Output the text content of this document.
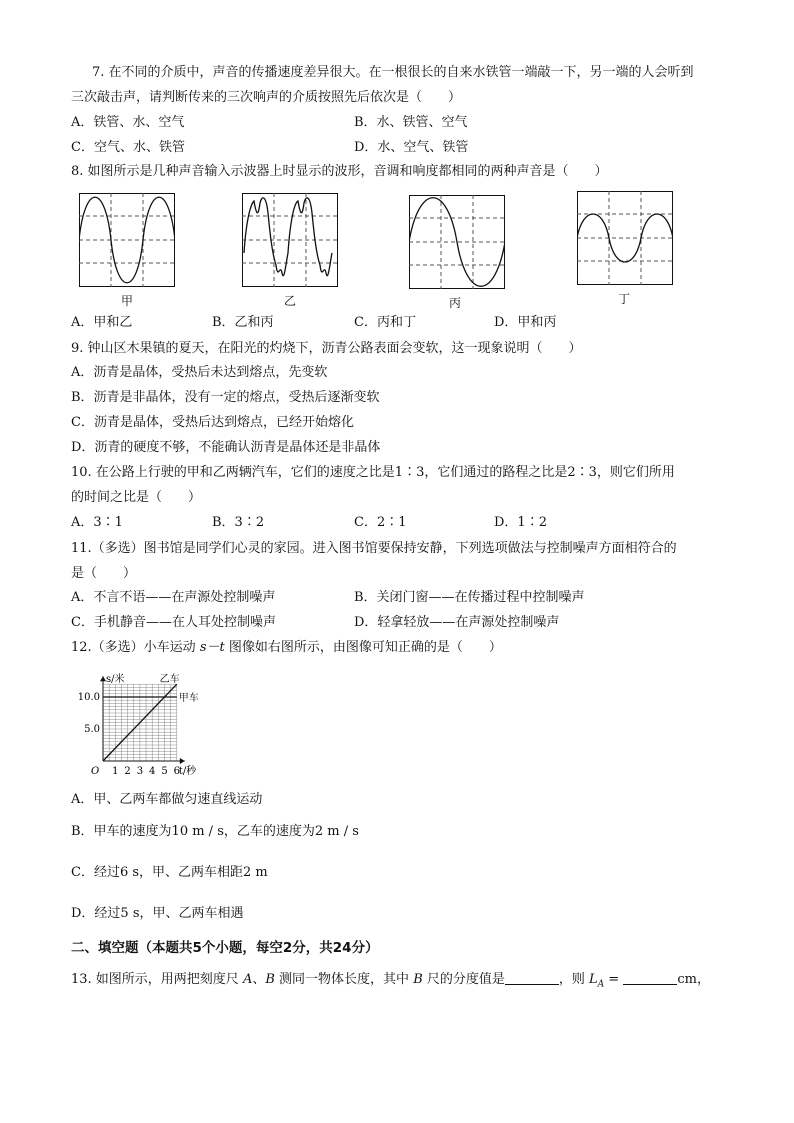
7. 在不同的介质中，声音的传播速度差异很大。在一根很长的自来水铁管一端敲一下，另一端的人会听到
三次敲击声，请判断传来的三次响声的介质按照先后依次是（　　）
A．铁管、水、空气	B．水、铁管、空气
C．空气、水、铁管	D．水、空气、铁管
8. 如图所示是几种声音输入示波器上时显示的波形，音调和响度都相同的两种声音是（　　）
甲	乙	丙	丁
A．甲和乙	B．乙和丙	C．丙和丁	D．甲和丙
9. 钟山区木果镇的夏天，在阳光的灼烧下，沥青公路表面会变软，这一现象说明（　　）
A．沥青是晶体，受热后未达到熔点，先变软
B．沥青是非晶体，没有一定的熔点，受热后逐渐变软
C．沥青是晶体，受热后达到熔点，已经开始熔化
D．沥青的硬度不够，不能确认沥青是晶体还是非晶体
10. 在公路上行驶的甲和乙两辆汽车，它们的速度之比是1∶3，它们通过的路程之比是2∶3，则它们所用
的时间之比是（　　）
A．3∶1	B．3∶2	C．2∶1	D．1∶2
11.（多选）图书馆是同学们心灵的家园。进入图书馆要保持安静，下列选项做法与控制噪声方面相符合的
是（　　）
A．不言不语——在声源处控制噪声	B．关闭门窗——在传播过程中控制噪声
C．手机静音——在人耳处控制噪声	D．轻拿轻放——在声源处控制噪声
12.（多选）小车运动 s－t 图像如右图所示，由图像可知正确的是（　　）
1 2 3 4 5 6
5.0
10.0
O
s/米
t/秒
甲车
乙车
A．甲、乙两车都做匀速直线运动
B．甲车的速度为10 m / s，乙车的速度为2 m / s
C．经过6 s，甲、乙两车相距2 m
D．经过5 s，甲、乙两车相遇
二、填空题（本题共5个小题，每空2分，共24分）
13. 如图所示，用两把刻度尺 A、B 测同一物体长度，其中 B 尺的分度值是	，则 $L_A$ =	cm，
